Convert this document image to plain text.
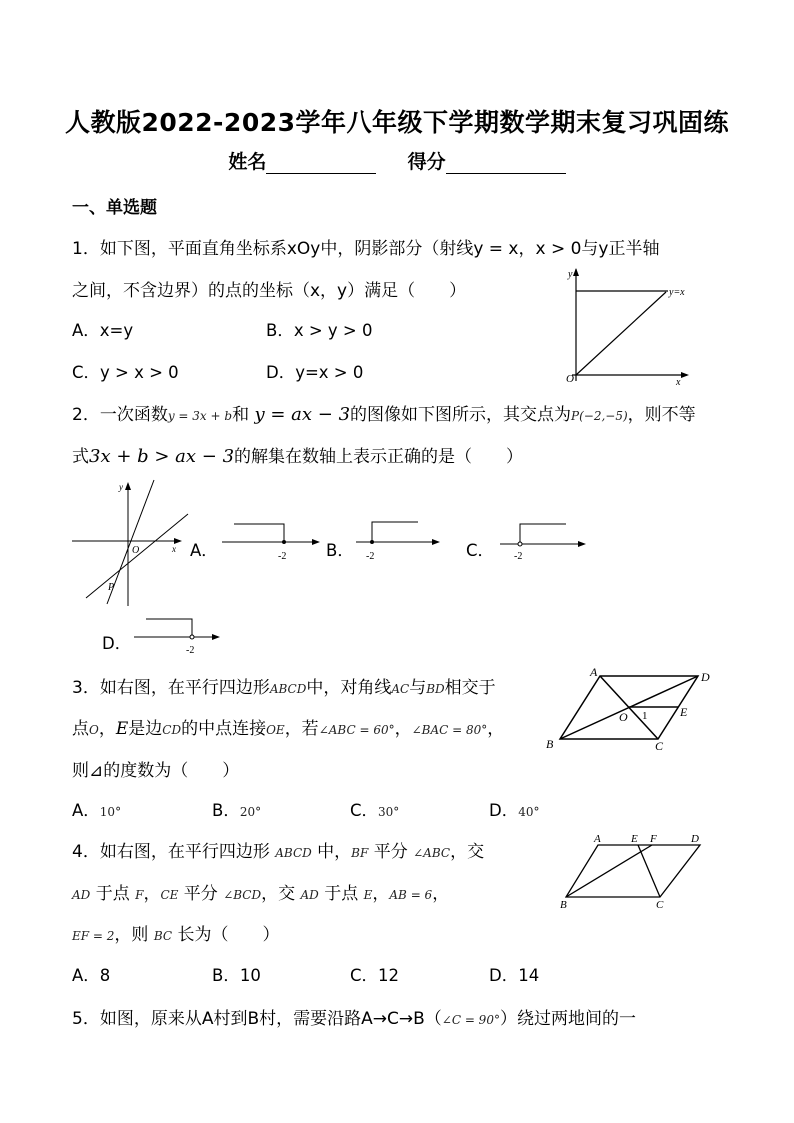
人教版2022-2023学年八年级下学期数学期末复习巩固练
姓名	得分
一、单选题
1．如下图，平面直角坐标系xOy中，阴影部分（射线y = x，x > 0与y正半轴
之间，不含边界）的点的坐标（x，y）满足（　　）
A．x=y	B．x > y > 0
C．y > x > 0	D．y=x > 0
y
x
O
y=x
2．一次函数y = 3x + b和 y = ax − 3的图像如下图所示，其交点为P(−2,−5)，则不等
式3x + b > ax − 3的解集在数轴上表示正确的是（　　）
y
x
O
P
A．	-2 B． -2	C． -2
D．	-2
3．如右图，在平行四边形ABCD中，对角线AC与BD相交于
点O，E是边CD的中点连接OE，若∠ABC = 60°，∠BAC = 80°，
则⊿的度数为（　　）
A．10°	B．20°	C．30°	D．40°
A	D
B	C
O	E
1
4．如右图，在平行四边形 ABCD 中，BF 平分 ∠ABC，交
AD 于点 F，CE 平分 ∠BCD，交 AD 于点 E，AB = 6，
EF = 2，则 BC 长为（　　）
A．8	B．10	C．12	D．14
A	E F	D
B	C
5．如图，原来从A村到B村，需要沿路A→C→B（∠C = 90°）绕过两地间的一
